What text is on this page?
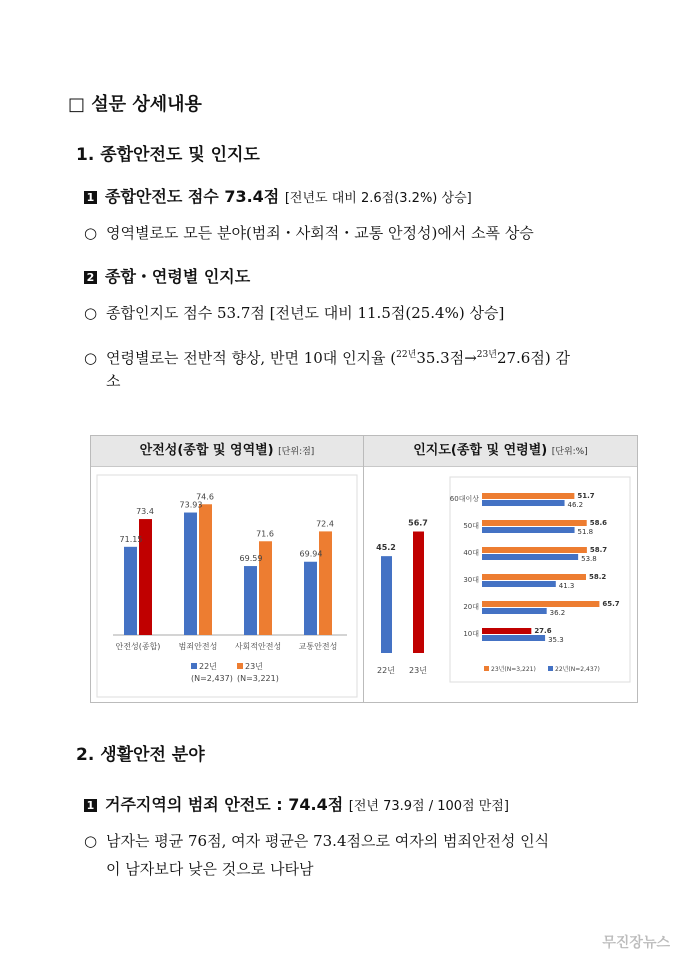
□ 설문 상세내용
1. 종합안전도 및 인지도
1 종합안전도 점수 73.4점 [전년도 대비 2.6점(3.2%) 상승]
○ 영역별로도 모든 분야(범죄・사회적・교통 안정성)에서 소폭 상승
2 종합・연령별 인지도
○ 종합인지도 점수 53.7점 [전년도 대비 11.5점(25.4%) 상승]
○ 연령별로는 전반적 향상, 반면 10대 인지율 ($^{22년}$35.3점→$^{23년}$27.6점) 감
소
안전성(종합 및 영역별) [단위:점]	인지도(종합 및 연령별) [단위:%]
71.15
73.4
안전성(종합)
73.93
74.6
범죄안전성
69.59
71.6
사회적안전성
69.94
72.4
교통안전성
22년
(N=2,437)
23년
(N=3,221)
45.2
22년
56.7
23년
60대이상	51.7
46.2
50대	58.6
51.8
40대	58.7
53.8
30대	58.2
41.3
20대	65.7
36.2
10대	27.6
35.3
23년(N=3,221)	22년(N=2,437)
2. 생활안전 분야
1 거주지역의 범죄 안전도 : 74.4점 [전년 73.9점 / 100점 만점]
○ 남자는 평균 76점, 여자 평균은 73.4점으로 여자의 범죄안전성 인식
이 남자보다 낮은 것으로 나타남
무진장뉴스
